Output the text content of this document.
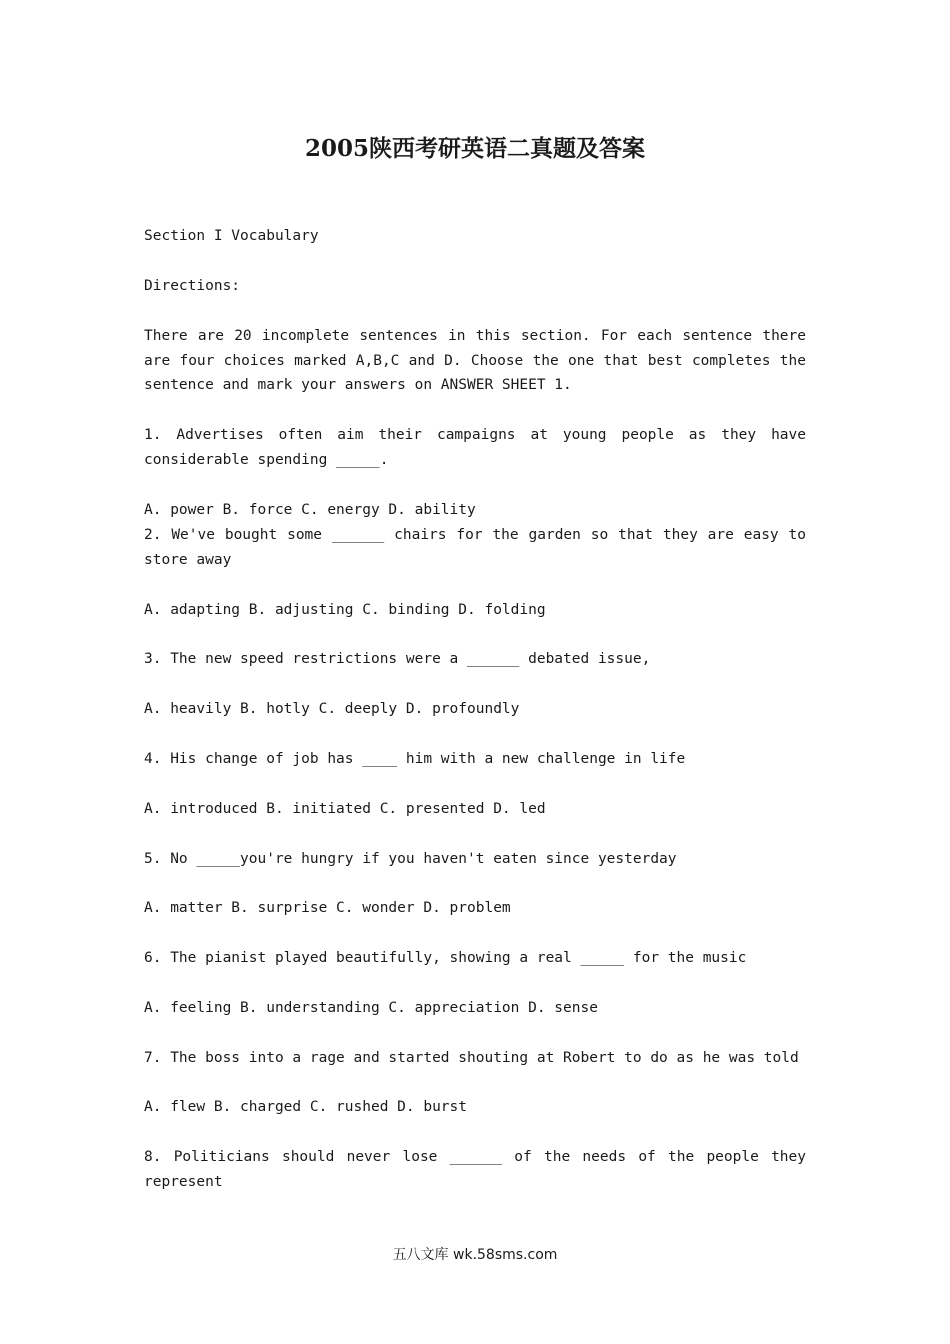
2005陕西考研英语二真题及答案

Section I Vocabulary

Directions:

There are 20 incomplete sentences in this section. For each sentence there are four choices marked A,B,C and D. Choose the one that best completes the sentence and mark your answers on ANSWER SHEET 1.

1. Advertises often aim their campaigns at young people as they have considerable spending _____.

A. power B. force C. energy D. ability

2. We've bought some ______ chairs for the garden so that they are easy to store away

A. adapting B. adjusting C. binding D. folding

3. The new speed restrictions were a ______ debated issue,

A. heavily B. hotly C. deeply D. profoundly

4. His change of job has ____ him with a new challenge in life

A. introduced B. initiated C. presented D. led

5. No _____you're hungry if you haven't eaten since yesterday

A. matter B. surprise C. wonder D. problem

6. The pianist played beautifully, showing a real _____ for the music

A. feeling B. understanding C. appreciation D. sense

7. The boss into a rage and started shouting at Robert to do as he was told

A. flew B. charged C. rushed D. burst

8. Politicians should never lose ______ of the needs of the people they represent

五八文库 wk.58sms.com
